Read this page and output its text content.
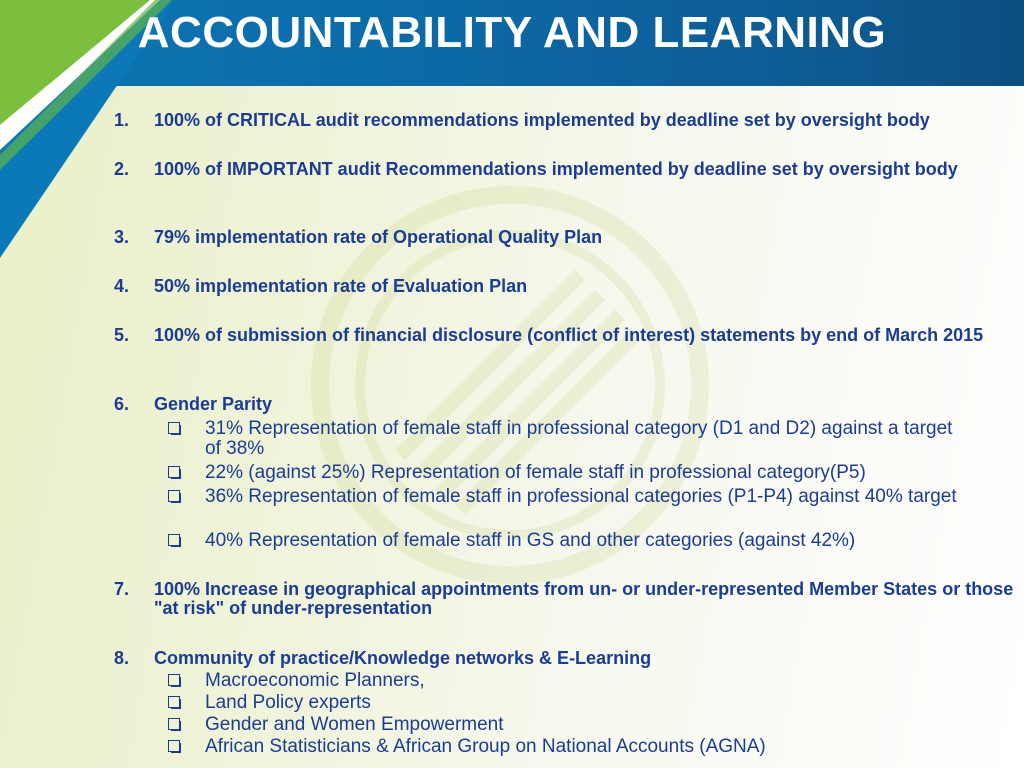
ACCOUNTABILITY AND LEARNING
1. 100% of CRITICAL audit recommendations implemented by deadline set by oversight body
2. 100% of IMPORTANT audit Recommendations implemented by deadline set by oversight body
3. 79% implementation rate of Operational Quality Plan
4. 50% implementation rate of Evaluation Plan
5. 100% of submission of financial disclosure (conflict of interest) statements by end of March 2015
6. Gender Parity
31% Representation of female staff in professional category (D1 and D2) against a target of 38%
22% (against 25%) Representation of female staff in professional category(P5)
36% Representation of female staff in professional categories (P1-P4) against 40% target
40% Representation of female staff in GS and other categories (against 42%)
7. 100% Increase in geographical appointments from un- or under-represented Member States or those "at risk" of under-representation
8. Community of practice/Knowledge networks & E-Learning
Macroeconomic Planners,
Land Policy experts
Gender and Women Empowerment
African Statisticians & African Group on National Accounts (AGNA)
